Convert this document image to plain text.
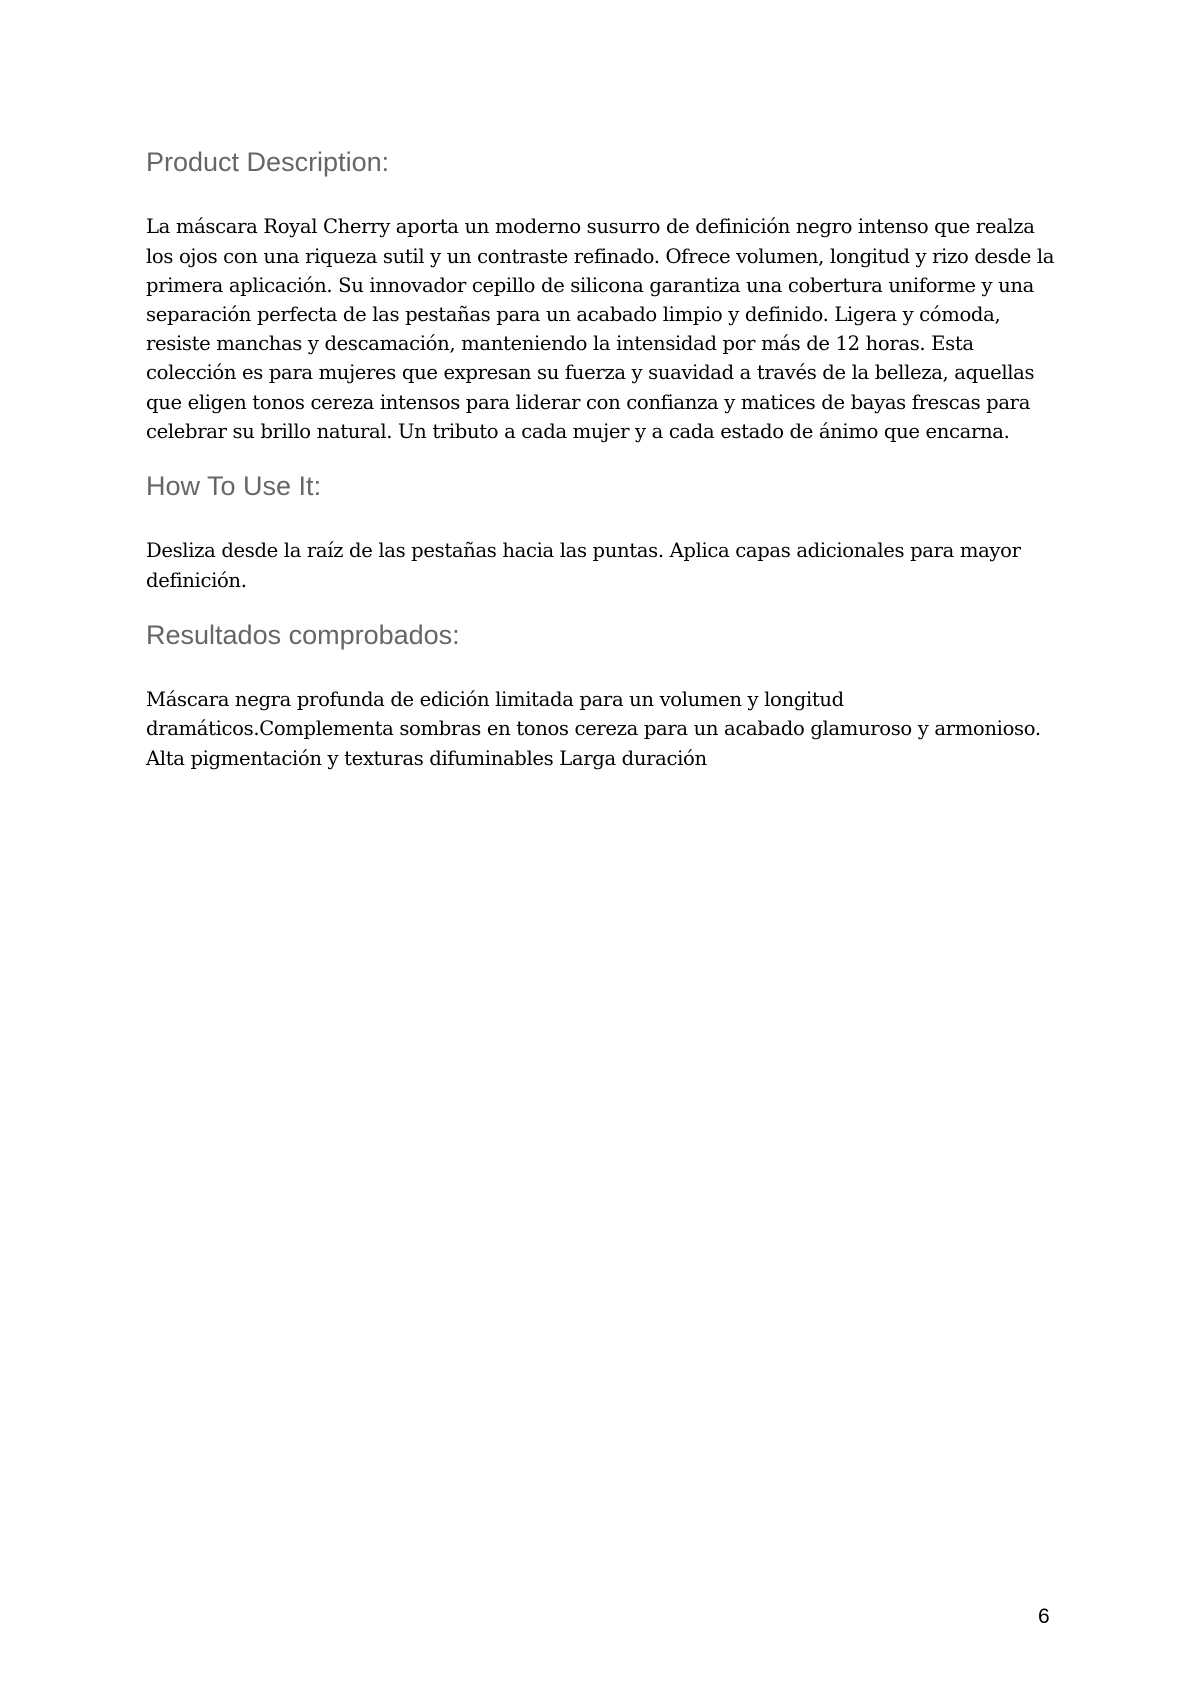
Product Description:

La máscara Royal Cherry aporta un moderno susurro de definición negro intenso que realza los ojos con una riqueza sutil y un contraste refinado. Ofrece volumen, longitud y rizo desde la primera aplicación. Su innovador cepillo de silicona garantiza una cobertura uniforme y una separación perfecta de las pestañas para un acabado limpio y definido. Ligera y cómoda, resiste manchas y descamación, manteniendo la intensidad por más de 12 horas. Esta colección es para mujeres que expresan su fuerza y suavidad a través de la belleza, aquellas que eligen tonos cereza intensos para liderar con confianza y matices de bayas frescas para celebrar su brillo natural. Un tributo a cada mujer y a cada estado de ánimo que encarna.

How To Use It:

Desliza desde la raíz de las pestañas hacia las puntas. Aplica capas adicionales para mayor definición.

Resultados comprobados:

Máscara negra profunda de edición limitada para un volumen y longitud dramáticos.Complementa sombras en tonos cereza para un acabado glamuroso y armonioso. Alta pigmentación y texturas difuminables Larga duración

6
